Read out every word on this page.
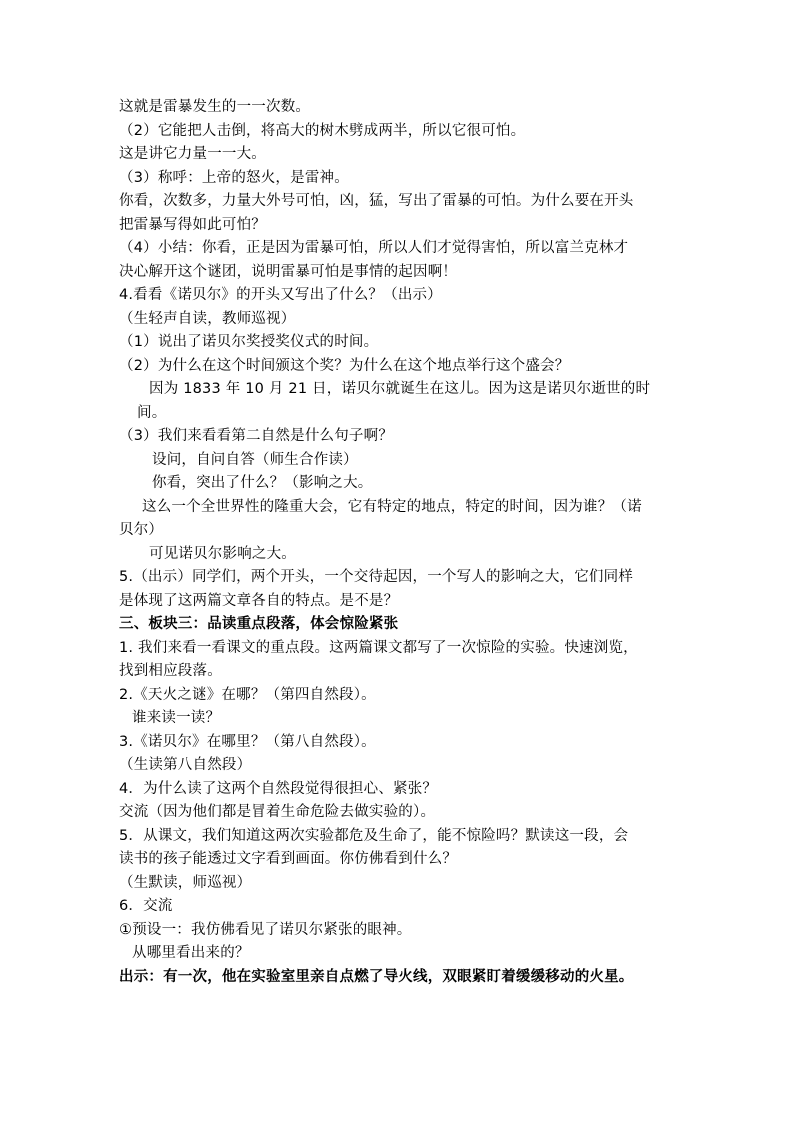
这就是雷暴发生的一一次数。
（2）它能把人击倒，将高大的树木劈成两半，所以它很可怕。
这是讲它力量一一大。
（3）称呼：上帝的怒火，是雷神。
你看，次数多，力量大外号可怕，凶，猛，写出了雷暴的可怕。为什么要在开头
把雷暴写得如此可怕？
（4）小结：你看，正是因为雷暴可怕，所以人们才觉得害怕，所以富兰克林才
决心解开这个谜团，说明雷暴可怕是事情的起因啊！
4.看看《诺贝尔》的开头又写出了什么？（出示）
（生轻声自读，教师巡视）
（1）说出了诺贝尔奖授奖仪式的时间。
（2）为什么在这个时间颁这个奖？为什么在这个地点举行这个盛会？
因为 1833 年 10 月 21 日，诺贝尔就诞生在这儿。因为这是诺贝尔逝世的时
间。
（3）我们来看看第二自然是什么句子啊？
设问，自问自答（师生合作读）
你看，突出了什么？（影响之大。
这么一个全世界性的隆重大会，它有特定的地点，特定的时间，因为谁？（诺
贝尔）
可见诺贝尔影响之大。
5.（出示）同学们，两个开头，一个交待起因，一个写人的影响之大，它们同样
是体现了这两篇文章各自的特点。是不是？
三、板块三：品读重点段落，体会惊险紧张
1. 我们来看一看课文的重点段。这两篇课文都写了一次惊险的实验。快速浏览，
找到相应段落。
2.《天火之谜》在哪？（第四自然段）。
谁来读一读？
3.《诺贝尔》在哪里？（第八自然段）。
（生读第八自然段）
4．为什么读了这两个自然段觉得很担心、紧张？
交流（因为他们都是冒着生命危险去做实验的）。
5．从课文，我们知道这两次实验都危及生命了，能不惊险吗？默读这一段，会
读书的孩子能透过文字看到画面。你仿佛看到什么？
（生默读，师巡视）
6．交流
①预设一：我仿佛看见了诺贝尔紧张的眼神。
从哪里看出来的？
出示：有一次，他在实验室里亲自点燃了导火线，双眼紧盯着缓缓移动的火星。
